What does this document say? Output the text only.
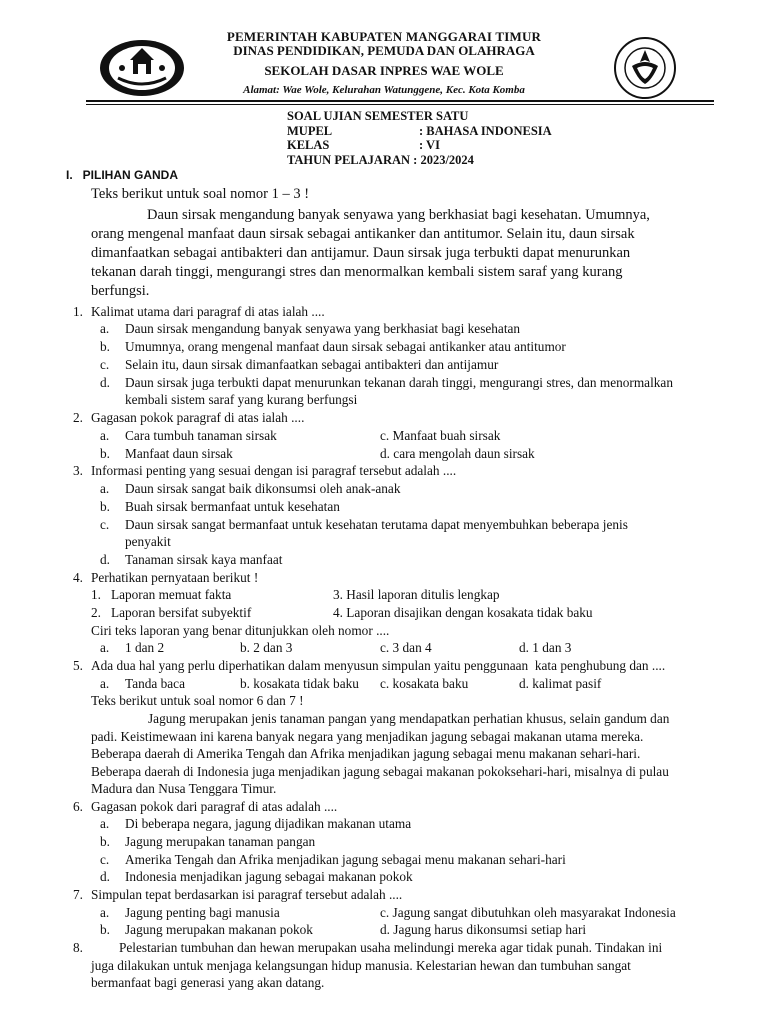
PEMERINTAH KABUPATEN MANGGARAI TIMUR
DINAS PENDIDIKAN, PEMUDA DAN OLAHRAGA
SEKOLAH DASAR INPRES WAE WOLE
Alamat: Wae Wole, Kelurahan Watunggene, Kec. Kota Komba
SOAL UJIAN SEMESTER SATU
MUPEL	: BAHASA INDONESIA
KELAS	: VI
TAHUN PELAJARAN : 2023/2024
I.   PILIHAN GANDA
Teks berikut untuk soal nomor 1 – 3 !
Daun sirsak mengandung banyak senyawa yang berkhasiat bagi kesehatan. Umumnya,
orang mengenal manfaat daun sirsak sebagai antikanker dan antitumor. Selain itu, daun sirsak
dimanfaatkan sebagai antibakteri dan antijamur. Daun sirsak juga terbukti dapat menurunkan
tekanan darah tinggi, mengurangi stres dan menormalkan kembali sistem saraf yang kurang
berfungsi.
1. Kalimat utama dari paragraf di atas ialah ....
a. Daun sirsak mengandung banyak senyawa yang berkhasiat bagi kesehatan
b. Umumnya, orang mengenal manfaat daun sirsak sebagai antikanker atau antitumor
c. Selain itu, daun sirsak dimanfaatkan sebagai antibakteri dan antijamur
d. Daun sirsak juga terbukti dapat menurunkan tekanan darah tinggi, mengurangi stres, dan menormalkan
kembali sistem saraf yang kurang berfungsi
2. Gagasan pokok paragraf di atas ialah ....
a. Cara tumbuh tanaman sirsak	c. Manfaat buah sirsak
b. Manfaat daun sirsak	d. cara mengolah daun sirsak
3. Informasi penting yang sesuai dengan isi paragraf tersebut adalah ....
a. Daun sirsak sangat baik dikonsumsi oleh anak-anak
b. Buah sirsak bermanfaat untuk kesehatan
c. Daun sirsak sangat bermanfaat untuk kesehatan terutama dapat menyembuhkan beberapa jenis
penyakit
d. Tanaman sirsak kaya manfaat
4. Perhatikan pernyataan berikut !
1.   Laporan memuat fakta	3. Hasil laporan ditulis lengkap
2.   Laporan bersifat subyektif	4. Laporan disajikan dengan kosakata tidak baku
Ciri teks laporan yang benar ditunjukkan oleh nomor ....
a. 1 dan 2	b. 2 dan 3	c. 3 dan 4	d. 1 dan 3
5. Ada dua hal yang perlu diperhatikan dalam menyusun simpulan yaitu penggunaan  kata penghubung dan ....
a. Tanda baca	b. kosakata tidak baku c. kosakata baku	d. kalimat pasif
Teks berikut untuk soal nomor 6 dan 7 !
Jagung merupakan jenis tanaman pangan yang mendapatkan perhatian khusus, selain gandum dan
padi. Keistimewaan ini karena banyak negara yang menjadikan jagung sebagai makanan utama mereka.
Beberapa daerah di Amerika Tengah dan Afrika menjadikan jagung sebagai menu makanan sehari-hari.
Beberapa daerah di Indonesia juga menjadikan jagung sebagai makanan pokoksehari-hari, misalnya di pulau
Madura dan Nusa Tenggara Timur.
6. Gagasan pokok dari paragraf di atas adalah ....
a. Di beberapa negara, jagung dijadikan makanan utama
b. Jagung merupakan tanaman pangan
c. Amerika Tengah dan Afrika menjadikan jagung sebagai menu makanan sehari-hari
d. Indonesia menjadikan jagung sebagai makanan pokok
7. Simpulan tepat berdasarkan isi paragraf tersebut adalah ....
a. Jagung penting bagi manusia	c. Jagung sangat dibutuhkan oleh masyarakat Indonesia
b. Jagung merupakan makanan pokok	d. Jagung harus dikonsumsi setiap hari
8.	Pelestarian tumbuhan dan hewan merupakan usaha melindungi mereka agar tidak punah. Tindakan ini
juga dilakukan untuk menjaga kelangsungan hidup manusia. Kelestarian hewan dan tumbuhan sangat
bermanfaat bagi generasi yang akan datang.
